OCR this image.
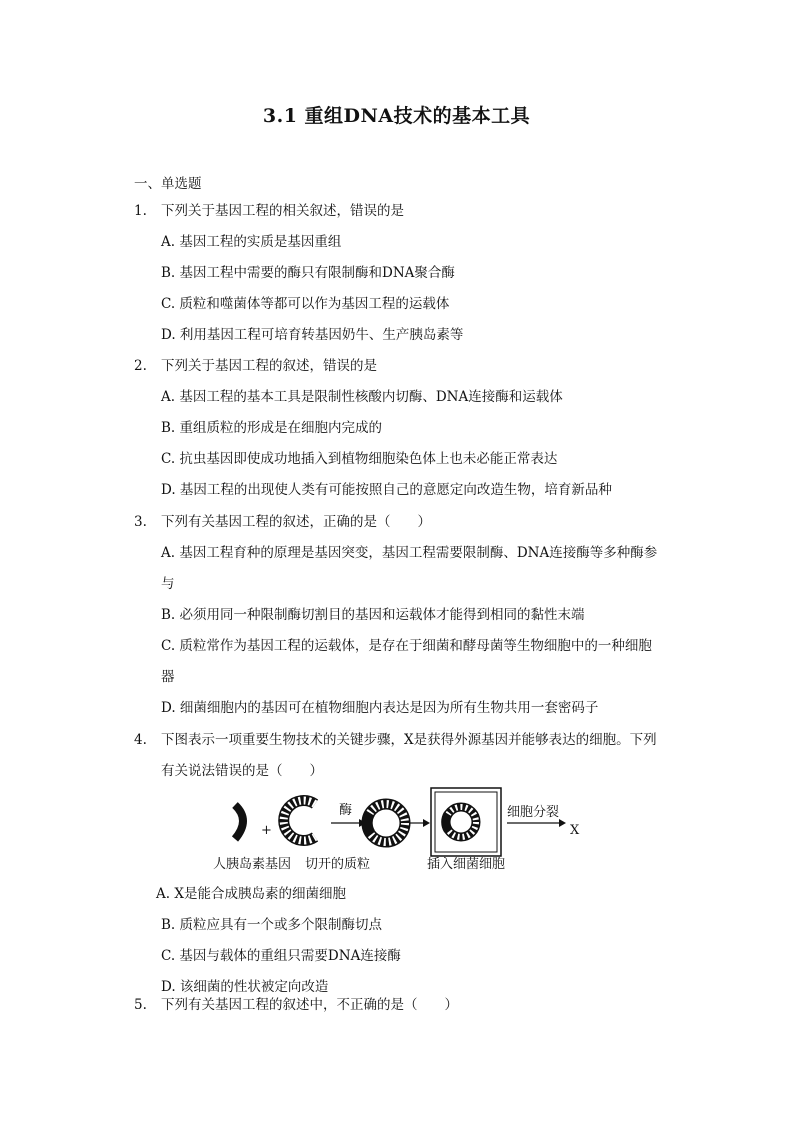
3.1 重组DNA技术的基本工具
一、单选题
1. 下列关于基因工程的相关叙述，错误的是
A. 基因工程的实质是基因重组
B. 基因工程中需要的酶只有限制酶和DNA聚合酶
C. 质粒和噬菌体等都可以作为基因工程的运载体
D. 利用基因工程可培育转基因奶牛、生产胰岛素等
2. 下列关于基因工程的叙述，错误的是
A. 基因工程的基本工具是限制性核酸内切酶、DNA连接酶和运载体
B. 重组质粒的形成是在细胞内完成的
C. 抗虫基因即使成功地插入到植物细胞染色体上也未必能正常表达
D. 基因工程的出现使人类有可能按照自己的意愿定向改造生物，培育新品种
3. 下列有关基因工程的叙述，正确的是（　　）
A. 基因工程育种的原理是基因突变，基因工程需要限制酶、DNA连接酶等多种酶参与
B. 必须用同一种限制酶切割目的基因和运载体才能得到相同的黏性末端
C. 质粒常作为基因工程的运载体，是存在于细菌和酵母菌等生物细胞中的一种细胞器
D. 细菌细胞内的基因可在植物细胞内表达是因为所有生物共用一套密码子
4. 下图表示一项重要生物技术的关键步骤，X是获得外源基因并能够表达的细胞。下列有关说法错误的是（　　）
+
酶	细胞分裂
X
人胰岛素基因 切开的质粒	插入细菌细胞
A. X是能合成胰岛素的细菌细胞
B. 质粒应具有一个或多个限制酶切点
C. 基因与载体的重组只需要DNA连接酶
D. 该细菌的性状被定向改造
5. 下列有关基因工程的叙述中，不正确的是（　　）
